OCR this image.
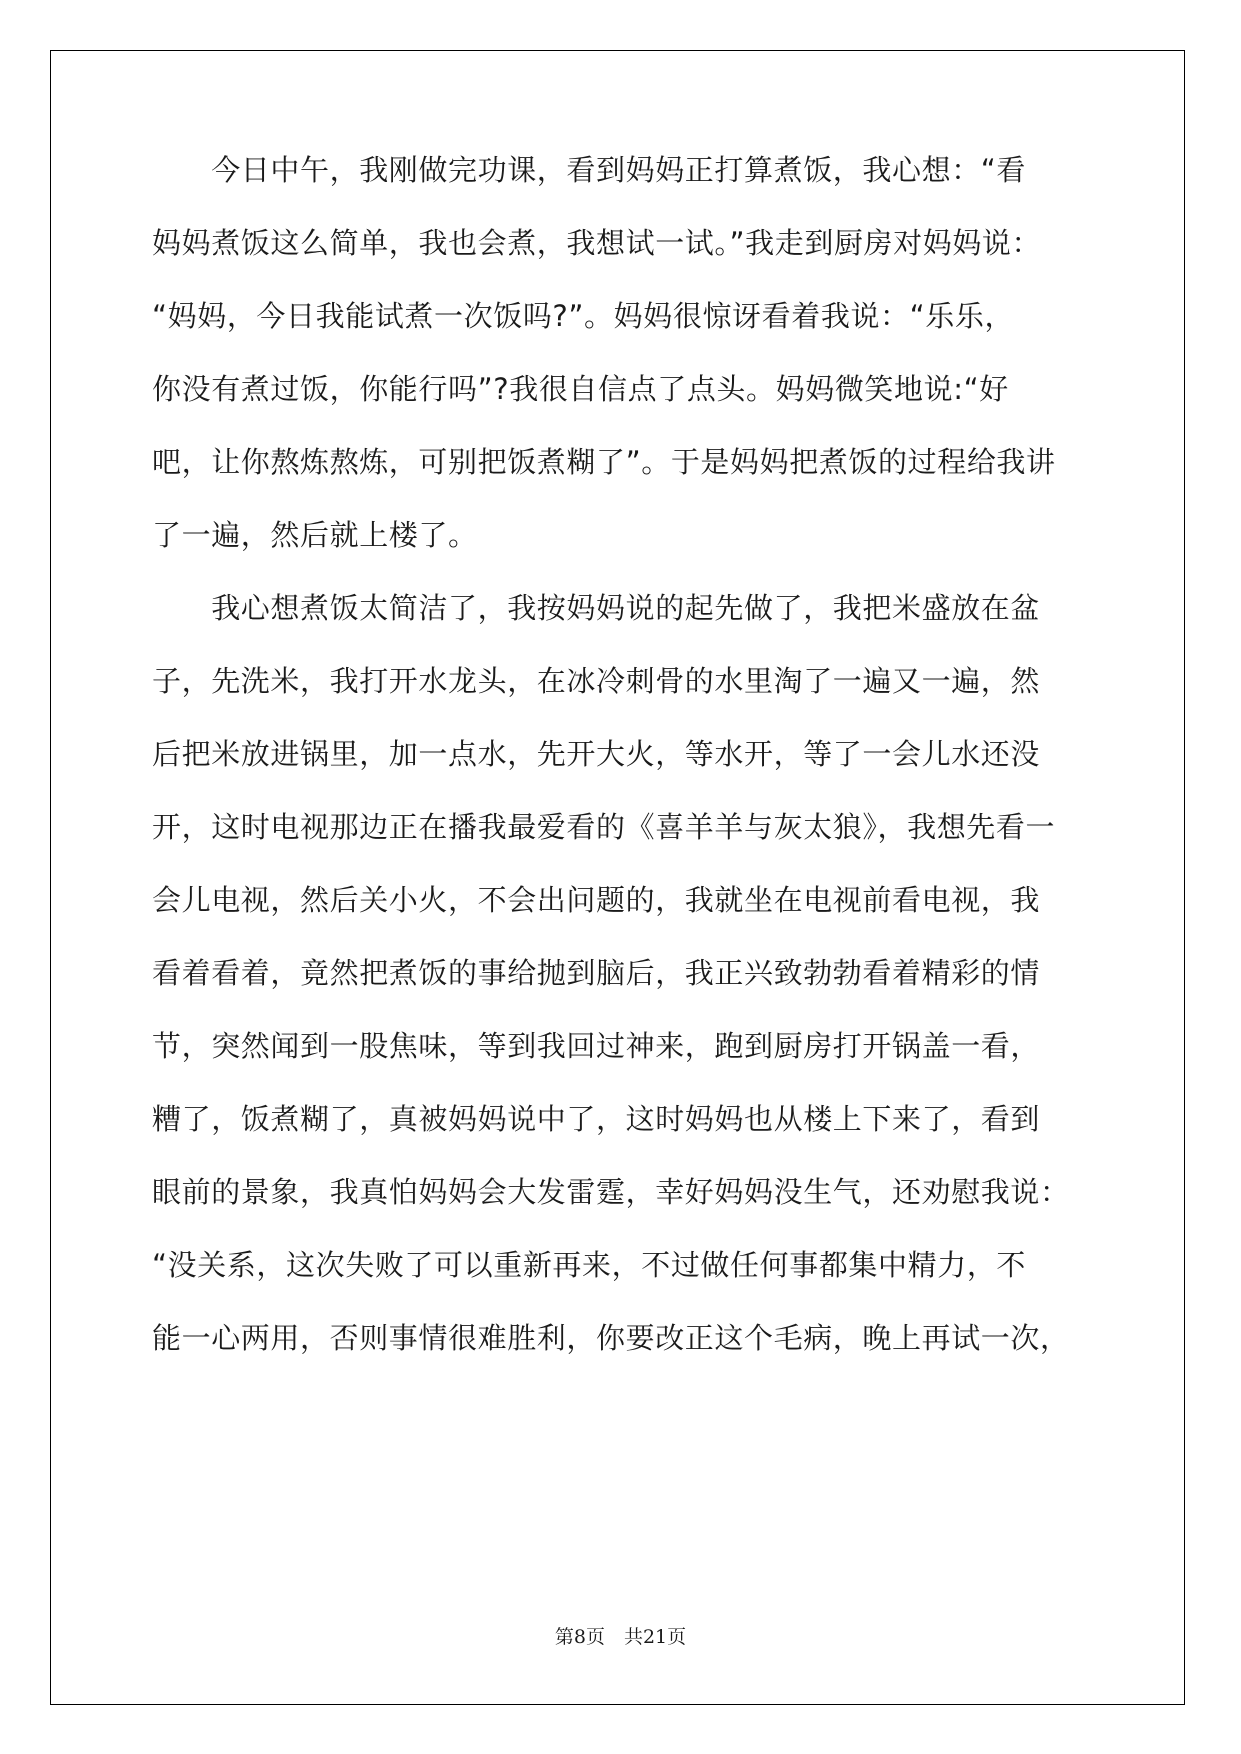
　　今日中午，我刚做完功课，看到妈妈正打算煮饭，我心想：“看
妈妈煮饭这么简单，我也会煮，我想试一试。”我走到厨房对妈妈说：
“妈妈，今日我能试煮一次饭吗?”。妈妈很惊讶看着我说：“乐乐，
你没有煮过饭，你能行吗”?我很自信点了点头。妈妈微笑地说:“好
吧，让你熬炼熬炼，可别把饭煮糊了”。于是妈妈把煮饭的过程给我讲
了一遍，然后就上楼了。
　　我心想煮饭太简洁了，我按妈妈说的起先做了，我把米盛放在盆
子，先洗米，我打开水龙头，在冰冷刺骨的水里淘了一遍又一遍，然
后把米放进锅里，加一点水，先开大火，等水开，等了一会儿水还没
开，这时电视那边正在播我最爱看的《喜羊羊与灰太狼》，我想先看一
会儿电视，然后关小火，不会出问题的，我就坐在电视前看电视，我
看着看着，竟然把煮饭的事给抛到脑后，我正兴致勃勃看着精彩的情
节，突然闻到一股焦味，等到我回过神来，跑到厨房打开锅盖一看，
糟了，饭煮糊了，真被妈妈说中了，这时妈妈也从楼上下来了，看到
眼前的景象，我真怕妈妈会大发雷霆，幸好妈妈没生气，还劝慰我说：
“没关系，这次失败了可以重新再来，不过做任何事都集中精力，不
能一心两用，否则事情很难胜利，你要改正这个毛病，晚上再试一次，
第8页　共21页
